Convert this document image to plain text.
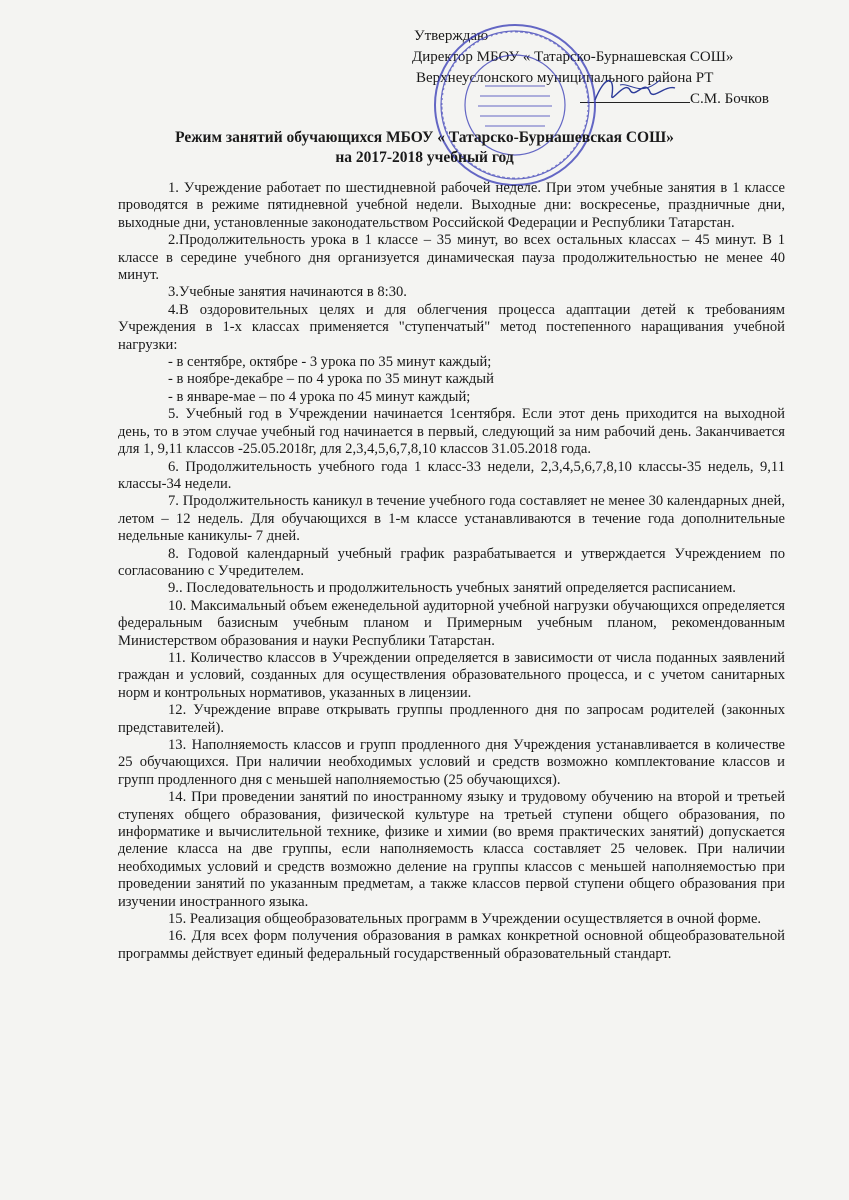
Утверждаю
Директор МБОУ « Татарско-Бурнашевская СОШ»
Верхнеуслонского муниципального района РТ
С.М. Бочков
Режим занятий обучающихся МБОУ « Татарско-Бурнашевская СОШ»
на 2017-2018 учебный год

1. Учреждение работает по шестидневной рабочей неделе. При этом учебные занятия в 1 классе проводятся в режиме пятидневной учебной недели. Выходные дни: воскресенье, праздничные дни, выходные дни, установленные законодательством Российской Федерации и Республики Татарстан.

2.Продолжительность урока в 1 классе – 35 минут, во всех остальных классах – 45 минут. В 1 классе в середине учебного дня организуется динамическая пауза продолжительностью не менее 40 минут.

3.Учебные занятия начинаются в 8:30.

4.В оздоровительных целях и для облегчения процесса адаптации детей к требованиям Учреждения в 1-х классах применяется "ступенчатый" метод постепенного наращивания учебной нагрузки:

- в сентябре, октябре - 3 урока по 35 минут каждый;

- в ноябре-декабре – по 4 урока по 35 минут каждый

- в январе-мае – по 4 урока по 45 минут каждый;

5. Учебный год в Учреждении начинается 1сентября. Если этот день приходится на выходной день, то в этом случае учебный год начинается в первый, следующий за ним рабочий день. Заканчивается для 1, 9,11 классов -25.05.2018г, для 2,3,4,5,6,7,8,10 классов 31.05.2018 года.

6. Продолжительность учебного года 1 класс-33 недели, 2,3,4,5,6,7,8,10 классы-35 недель, 9,11 классы-34 недели.

7. Продолжительность каникул в течение учебного года составляет не менее 30 календарных дней, летом – 12 недель. Для обучающихся в 1-м классе устанавливаются в течение года дополнительные недельные каникулы- 7 дней.

8. Годовой календарный учебный график разрабатывается и утверждается Учреждением по согласованию с Учредителем.

9.. Последовательность и продолжительность учебных занятий определяется расписанием.

10. Максимальный объем еженедельной аудиторной учебной нагрузки обучающихся определяется федеральным базисным учебным планом и Примерным учебным планом, рекомендованным Министерством образования и науки Республики Татарстан.

11. Количество классов в Учреждении определяется в зависимости от числа поданных заявлений граждан и условий, созданных для осуществления образовательного процесса, и с учетом санитарных норм и контрольных нормативов, указанных в лицензии.

12. Учреждение вправе открывать группы продленного дня по запросам родителей (законных представителей).

13. Наполняемость классов и групп продленного дня Учреждения устанавливается в количестве 25 обучающихся. При наличии необходимых условий и средств возможно комплектование классов и групп продленного дня с меньшей наполняемостью (25 обучающихся).

14. При проведении занятий по иностранному языку и трудовому обучению на второй и третьей ступенях общего образования, физической культуре на третьей ступени общего образования, по информатике и вычислительной технике, физике и химии (во время практических занятий) допускается деление класса на две группы, если наполняемость класса составляет 25 человек. При наличии необходимых условий и средств возможно деление на группы классов с меньшей наполняемостью при проведении занятий по указанным предметам, а также классов первой ступени общего образования при изучении иностранного языка.

15. Реализация общеобразовательных программ в Учреждении осуществляется в очной форме.

16. Для всех форм получения образования в рамках конкретной основной общеобразовательной программы действует единый федеральный государственный образовательный стандарт.
